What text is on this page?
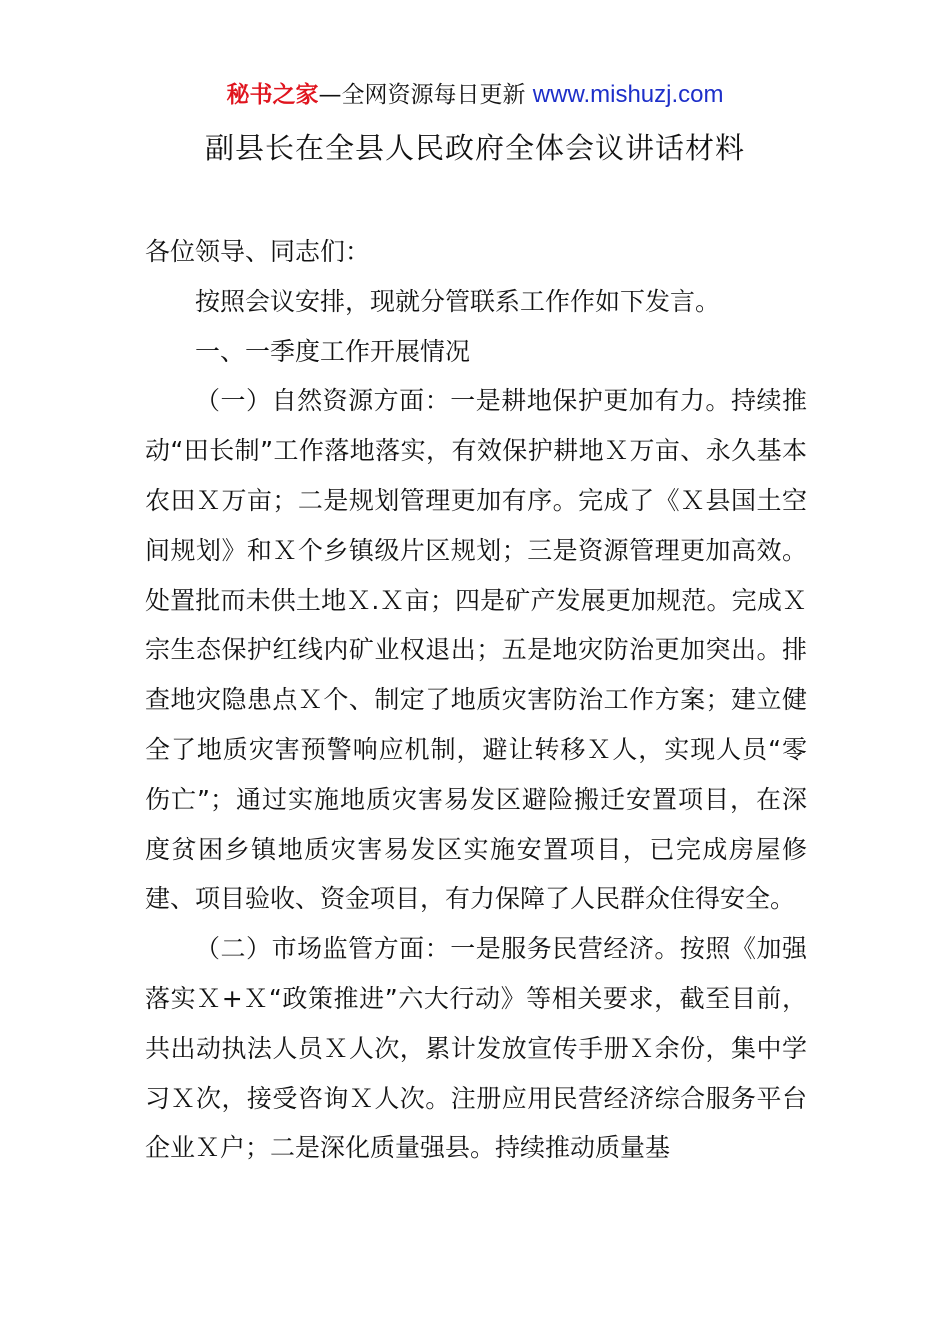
秘书之家—全网资源每日更新 www.mishuzj.com
副县长在全县人民政府全体会议讲话材料

各位领导、同志们：

按照会议安排，现就分管联系工作作如下发言。

一、一季度工作开展情况

（一）自然资源方面：一是耕地保护更加有力。持续推动“田长制”工作落地落实，有效保护耕地Ｘ万亩、永久基本农田Ｘ万亩；二是规划管理更加有序。完成了《Ｘ县国土空间规划》和Ｘ个乡镇级片区规划；三是资源管理更加高效。处置批而未供土地Ｘ.Ｘ亩；四是矿产发展更加规范。完成Ｘ宗生态保护红线内矿业权退出；五是地灾防治更加突出。排查地灾隐患点Ｘ个、制定了地质灾害防治工作方案；建立健全了地质灾害预警响应机制，避让转移Ｘ人，实现人员“零伤亡”；通过实施地质灾害易发区避险搬迁安置项目，在深度贫困乡镇地质灾害易发区实施安置项目，已完成房屋修建、项目验收、资金项目，有力保障了人民群众住得安全。

（二）市场监管方面：一是服务民营经济。按照《加强落实Ｘ+Ｘ“政策推进”六大行动》等相关要求，截至目前，共出动执法人员Ｘ人次，累计发放宣传手册Ｘ余份，集中学习Ｘ次，接受咨询Ｘ人次。注册应用民营经济综合服务平台企业Ｘ户；二是深化质量强县。持续推动质量基
